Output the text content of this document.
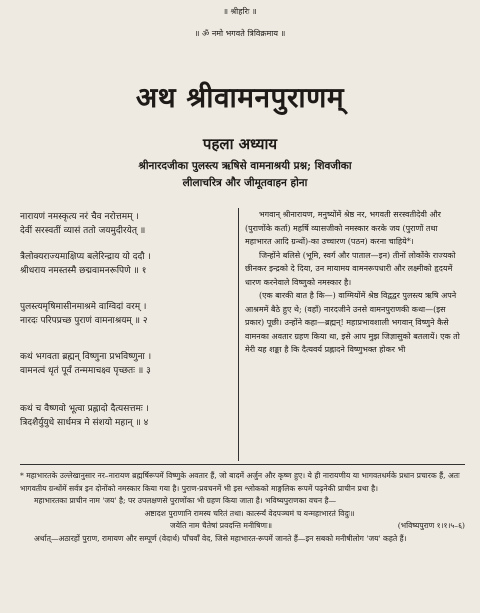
॥ श्रीहरिः ॥
॥ ॐ नमो भगवते त्रिविक्रमाय ॥
अथ श्रीवामनपुराणम्
पहला अध्याय
श्रीनारदजीका पुलस्त्य ऋषिसे वामनाश्रयी प्रश्न; शिवजीका
लीलाचरित्र और जीमूतवाहन होना
नारायणं नमस्कृत्य नरं चैव नरोत्तमम् ।
देवीं सरस्वतीं व्यासं ततो जयमुदीरयेत् ॥
त्रैलोक्यराज्यमाक्षिप्य बलेरिन्द्राय यो ददौ ।
श्रीधराय नमस्तस्मै छद्मवामनरूपिणे ॥ १
पुलस्त्यमृषिमासीनमाश्रमे वाग्विदां वरम् ।
नारदः परिपप्रच्छ पुराणं वामनाश्रयम् ॥ २
कथं भगवता ब्रह्मन् विष्णुना प्रभविष्णुना ।
वामनत्वं धृतं पूर्वं तन्ममाचक्ष्व पृच्छतः ॥ ३
कथं च वैष्णवो भूत्वा प्रह्लादो दैत्यसत्तमः ।
त्रिदशैर्युयुधे सार्धमत्र मे संशयो महान् ॥ ४

भगवान् श्रीनारायण, मनुष्योंमें श्रेष्ठ नर, भगवती सरस्वतीदेवी और (पुराणोंके कर्ता) महर्षि व्यासजीको नमस्कार करके जय (पुराणों तथा महाभारत आदि ग्रन्थों)-का उच्चारण (पठन) करना चाहिये*।

जिन्होंने बलिसे (भूमि, स्वर्ग और पाताल—इन) तीनों लोकोंके राज्यको छीनकर इन्द्रको दे दिया, उन मायामय वामनरूपधारी और लक्ष्मीको हृदयमें धारण करनेवाले विष्णुको नमस्कार है।

(एक बारकी बात है कि—) वाग्मियोंमें श्रेष्ठ विद्वद्वर पुलस्त्य ऋषि अपने आश्रममें बैठे हुए थे; (वहाँ) नारदजीने उनसे वामनपुराणकी कथा—(इस प्रकार) पूछी। उन्होंने कहा—ब्रह्मन्! महाप्रभावशाली भगवान् विष्णुने कैसे वामनका अवतार ग्रहण किया था, इसे आप मुझ जिज्ञासुको बतलायें। एक तो मेरी यह शङ्का है कि दैत्यवर्य प्रह्लादने विष्णुभक्त होकर भी

* महाभारतके उल्लेखानुसार नर–नारायण ब्रह्मर्षिरूपमें विष्णुके अवतार हैं, जो बादमें अर्जुन और कृष्ण हुए। ये ही नारायणीय या भागवतधर्मके प्रधान प्रचारक हैं, अतः भागवतीय ग्रन्थोंमें सर्वत्र इन दोनोंको नमस्कार किया गया है। पुराण-प्रवचनमें भी इस श्लोकको माङ्गलिक रूपमें पढ़नेकी प्राचीन प्रथा है।
महाभारतका प्राचीन नाम 'जय' है; पर उपलक्षणसे पुराणोंका भी ग्रहण किया जाता है। भविष्यपुराणका वचन है—
अष्टादश पुराणानि रामस्य चरितं तथा। कार्त्स्न्यं वेदपञ्चमं च यन्महाभारतं विदुः॥
जयेति नाम चैतेषां प्रवदन्ति मनीषिणः॥	(भविष्यपुराण १।१।५–६)
अर्थात्—अठारहों पुराण, रामायण और सम्पूर्ण (वेदार्थ) पाँचवाँ वेद, जिसे महाभारत-रूपमें जानते हैं—इन सबको मनीषीलोग 'जय' कहते हैं।
